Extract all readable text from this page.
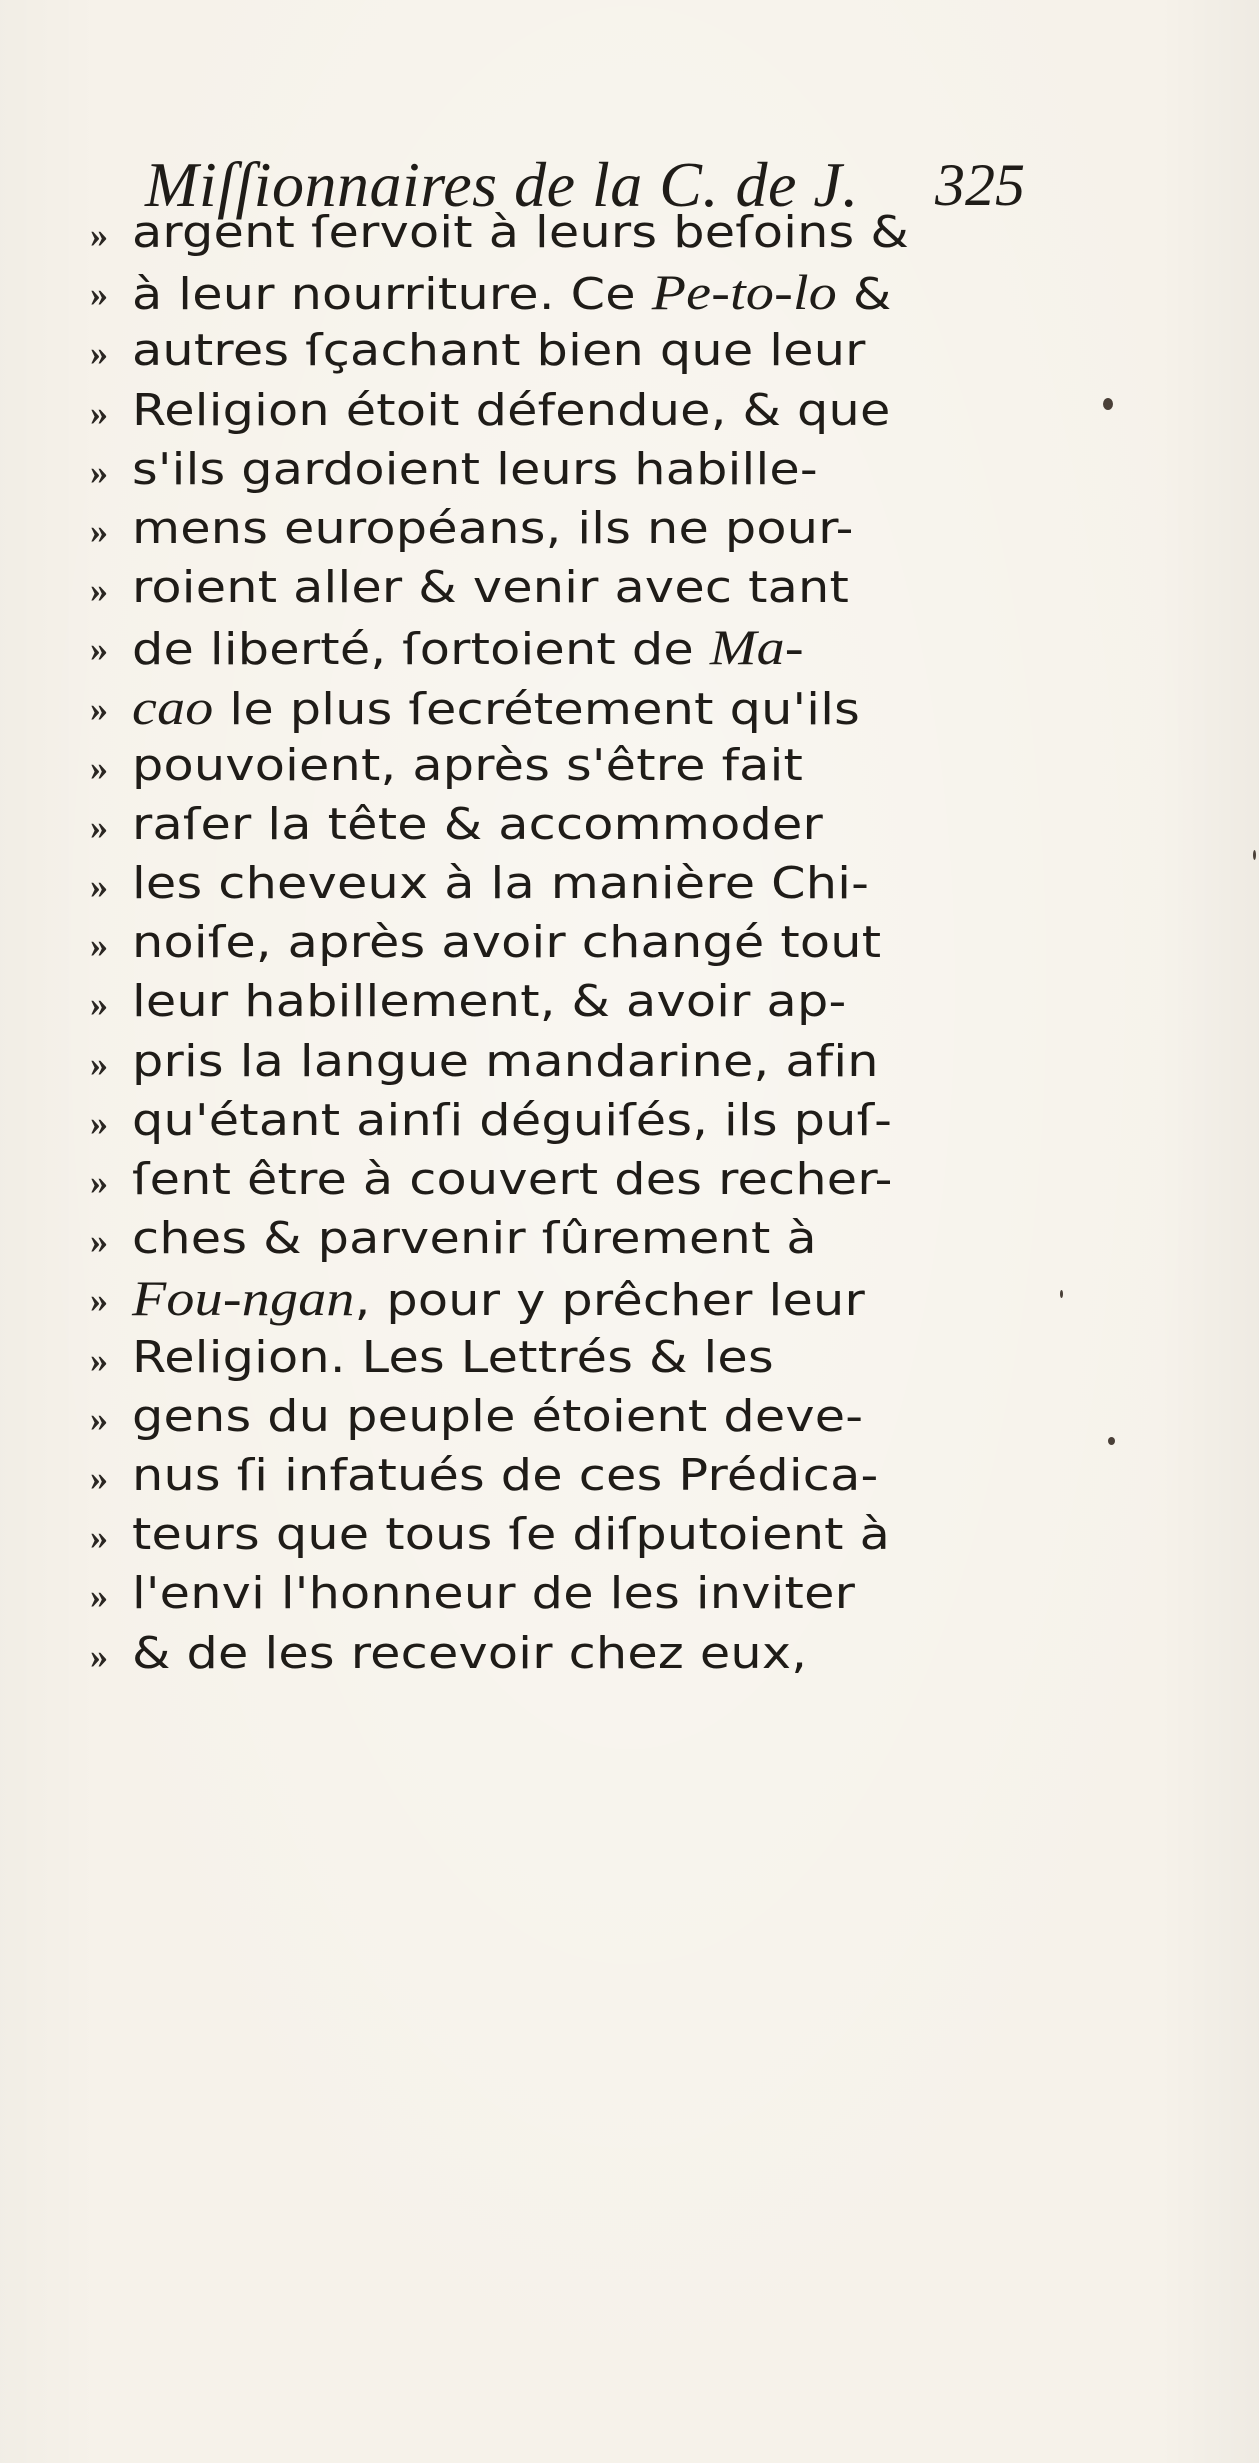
Miſſionnaires de la C. de J. 325
» argent ſervoit à leurs beſoins &
» à leur nourriture. Ce Pe-to-lo &
» autres ſçachant bien que leur
» Religion étoit défendue, & que
» s'ils gardoient leurs habille-
» mens européans, ils ne pour-
» roient aller & venir avec tant
» de liberté, ſortoient de Ma-
» cao le plus ſecrétement qu'ils
» pouvoient, après s'être fait
» raſer la tête & accommoder
» les cheveux à la manière Chi-
» noiſe, après avoir changé tout
» leur habillement, & avoir ap-
» pris la langue mandarine, afin
» qu'étant ainſi déguiſés, ils puſ-
» ſent être à couvert des recher-
» ches & parvenir ſûrement à
» Fou-ngan, pour y prêcher leur
» Religion. Les Lettrés & les
» gens du peuple étoient deve-
» nus ſi infatués de ces Prédica-
» teurs que tous ſe diſputoient à
» l'envi l'honneur de les inviter
» & de les recevoir chez eux,
